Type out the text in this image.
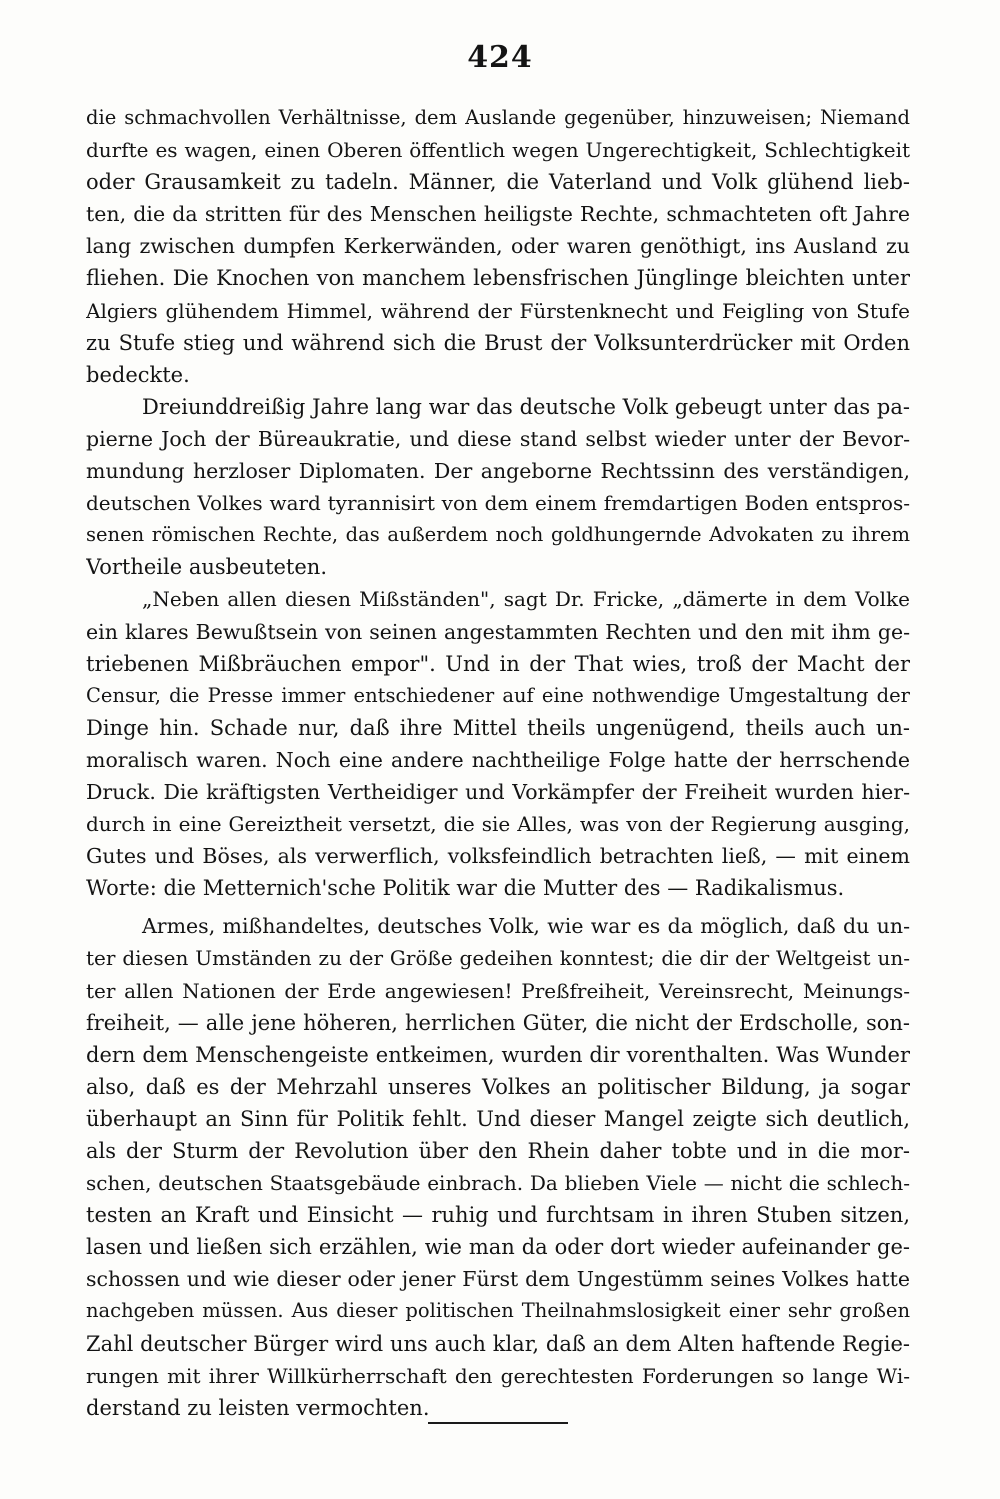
424
die schmachvollen Verhältnisse, dem Auslande gegenüber, hinzuweisen; Niemand
durfte es wagen, einen Oberen öffentlich wegen Ungerechtigkeit, Schlechtigkeit
oder Grausamkeit zu tadeln. Männer, die Vaterland und Volk glühend lieb-
ten, die da stritten für des Menschen heiligste Rechte, schmachteten oft Jahre
lang zwischen dumpfen Kerkerwänden, oder waren genöthigt, ins Ausland zu
fliehen. Die Knochen von manchem lebensfrischen Jünglinge bleichten unter
Algiers glühendem Himmel, während der Fürstenknecht und Feigling von Stufe
zu Stufe stieg und während sich die Brust der Volksunterdrücker mit Orden
bedeckte.
Dreiunddreißig Jahre lang war das deutsche Volk gebeugt unter das pa-
pierne Joch der Büreaukratie, und diese stand selbst wieder unter der Bevor-
mundung herzloser Diplomaten. Der angeborne Rechtssinn des verständigen,
deutschen Volkes ward tyrannisirt von dem einem fremdartigen Boden entspros-
senen römischen Rechte, das außerdem noch goldhungernde Advokaten zu ihrem
Vortheile ausbeuteten.
„Neben allen diesen Mißständen", sagt Dr. Fricke, „dämerte in dem Volke
ein klares Bewußtsein von seinen angestammten Rechten und den mit ihm ge-
triebenen Mißbräuchen empor". Und in der That wies, troß der Macht der
Censur, die Presse immer entschiedener auf eine nothwendige Umgestaltung der
Dinge hin. Schade nur, daß ihre Mittel theils ungenügend, theils auch un-
moralisch waren. Noch eine andere nachtheilige Folge hatte der herrschende
Druck. Die kräftigsten Vertheidiger und Vorkämpfer der Freiheit wurden hier-
durch in eine Gereiztheit versetzt, die sie Alles, was von der Regierung ausging,
Gutes und Böses, als verwerflich, volksfeindlich betrachten ließ, — mit einem
Worte: die Metternich'sche Politik war die Mutter des — Radikalismus.
Armes, mißhandeltes, deutsches Volk, wie war es da möglich, daß du un-
ter diesen Umständen zu der Größe gedeihen konntest; die dir der Weltgeist un-
ter allen Nationen der Erde angewiesen! Preßfreiheit, Vereinsrecht, Meinungs-
freiheit, — alle jene höheren, herrlichen Güter, die nicht der Erdscholle, son-
dern dem Menschengeiste entkeimen, wurden dir vorenthalten. Was Wunder
also, daß es der Mehrzahl unseres Volkes an politischer Bildung, ja sogar
überhaupt an Sinn für Politik fehlt. Und dieser Mangel zeigte sich deutlich,
als der Sturm der Revolution über den Rhein daher tobte und in die mor-
schen, deutschen Staatsgebäude einbrach. Da blieben Viele — nicht die schlech-
testen an Kraft und Einsicht — ruhig und furchtsam in ihren Stuben sitzen,
lasen und ließen sich erzählen, wie man da oder dort wieder aufeinander ge-
schossen und wie dieser oder jener Fürst dem Ungestümm seines Volkes hatte
nachgeben müssen. Aus dieser politischen Theilnahmslosigkeit einer sehr großen
Zahl deutscher Bürger wird uns auch klar, daß an dem Alten haftende Regie-
rungen mit ihrer Willkürherrschaft den gerechtesten Forderungen so lange Wi-
derstand zu leisten vermochten.
